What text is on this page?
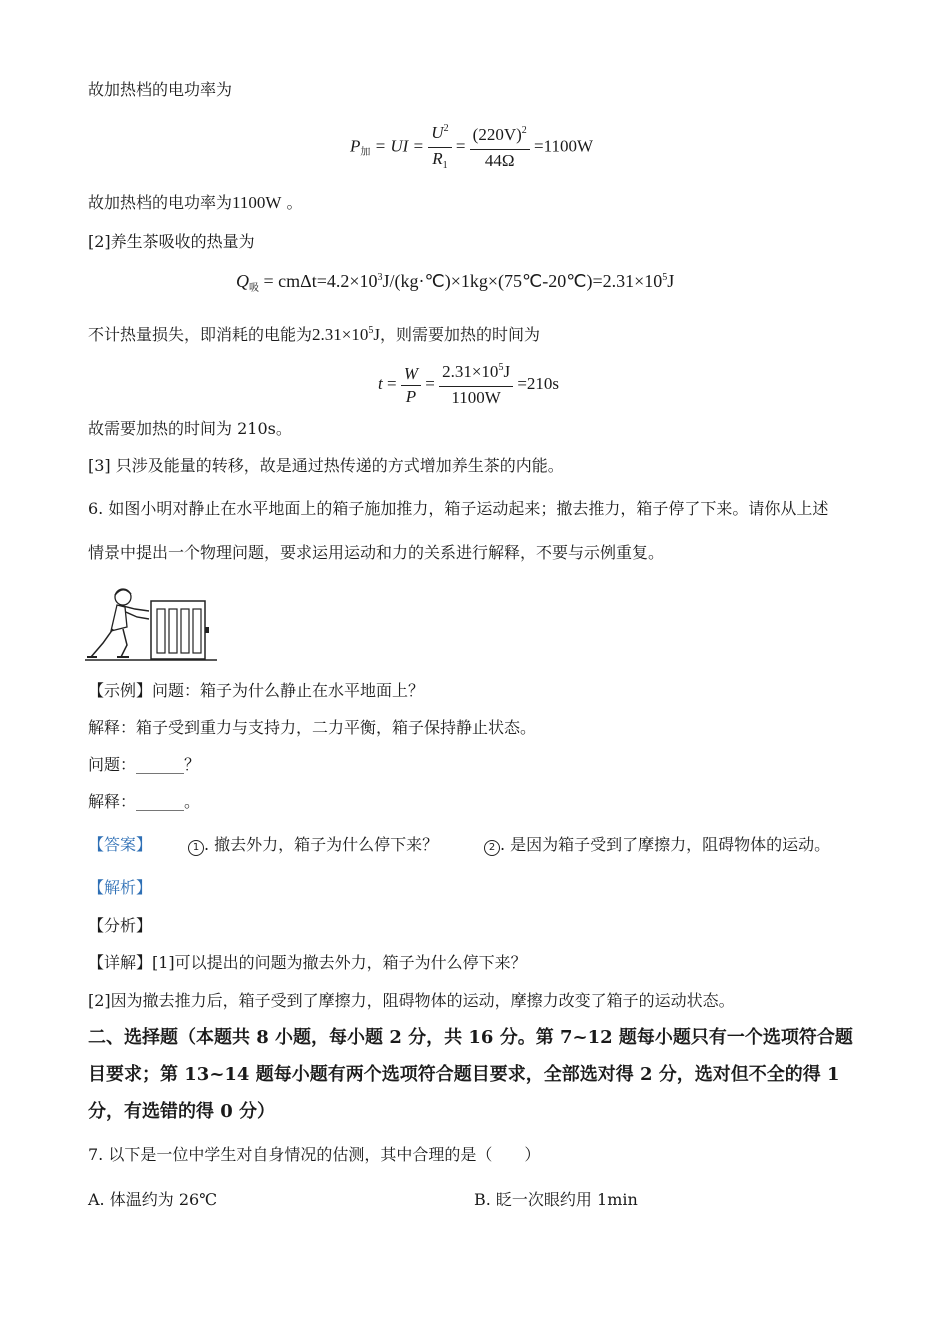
故加热档的电功率为
$P_加$ = UI = $\frac{U^2}{R_1} = \frac{(220V)^2}{44\Omega} =1100W$
故加热档的电功率为1100W 。
[2]养生茶吸收的热量为
$Q_吸$ = $cm\Delta t=4.2\times 10^3J/(kg\cdot℃)\times 1kg\times(75℃-20℃)=2.31\times 10^5J$
不计热量损失，即消耗的电能为$2.31\times 10^5J$，则需要加热的时间为
$t = \frac{W}{P} = \frac{2.31\times 10^5J}{1100W} =210s$
故需要加热的时间为 210s。
[3] 只涉及能量的转移，故是通过热传递的方式增加养生茶的内能。
6. 如图小明对静止在水平地面上的箱子施加推力，箱子运动起来；撤去推力，箱子停了下来。请你从上述
情景中提出一个物理问题，要求运用运动和力的关系进行解释，不要与示例重复。
【示例】问题：箱子为什么静止在水平地面上？
解释：箱子受到重力与支持力，二力平衡，箱子保持静止状态。
问题：______？
解释：______。
【答案】	1 . 撤去外力，箱子为什么停下来？	2 . 是因为箱子受到了摩擦力，阻碍物体的运动。
【解析】
【分析】
【详解】[1]可以提出的问题为撤去外力，箱子为什么停下来？
[2]因为撤去推力后，箱子受到了摩擦力，阻碍物体的运动，摩擦力改变了箱子的运动状态。
二、选择题（本题共 8 小题，每小题 2 分，共 16 分。第 7~12 题每小题只有一个选项符合题
目要求；第 13~14 题每小题有两个选项符合题目要求，全部选对得 2 分，选对但不全的得 1
分，有选错的得 0 分）
7. 以下是一位中学生对自身情况的估测，其中合理的是（　　）
A. 体温约为 26℃	B. 眨一次眼约用 1min
